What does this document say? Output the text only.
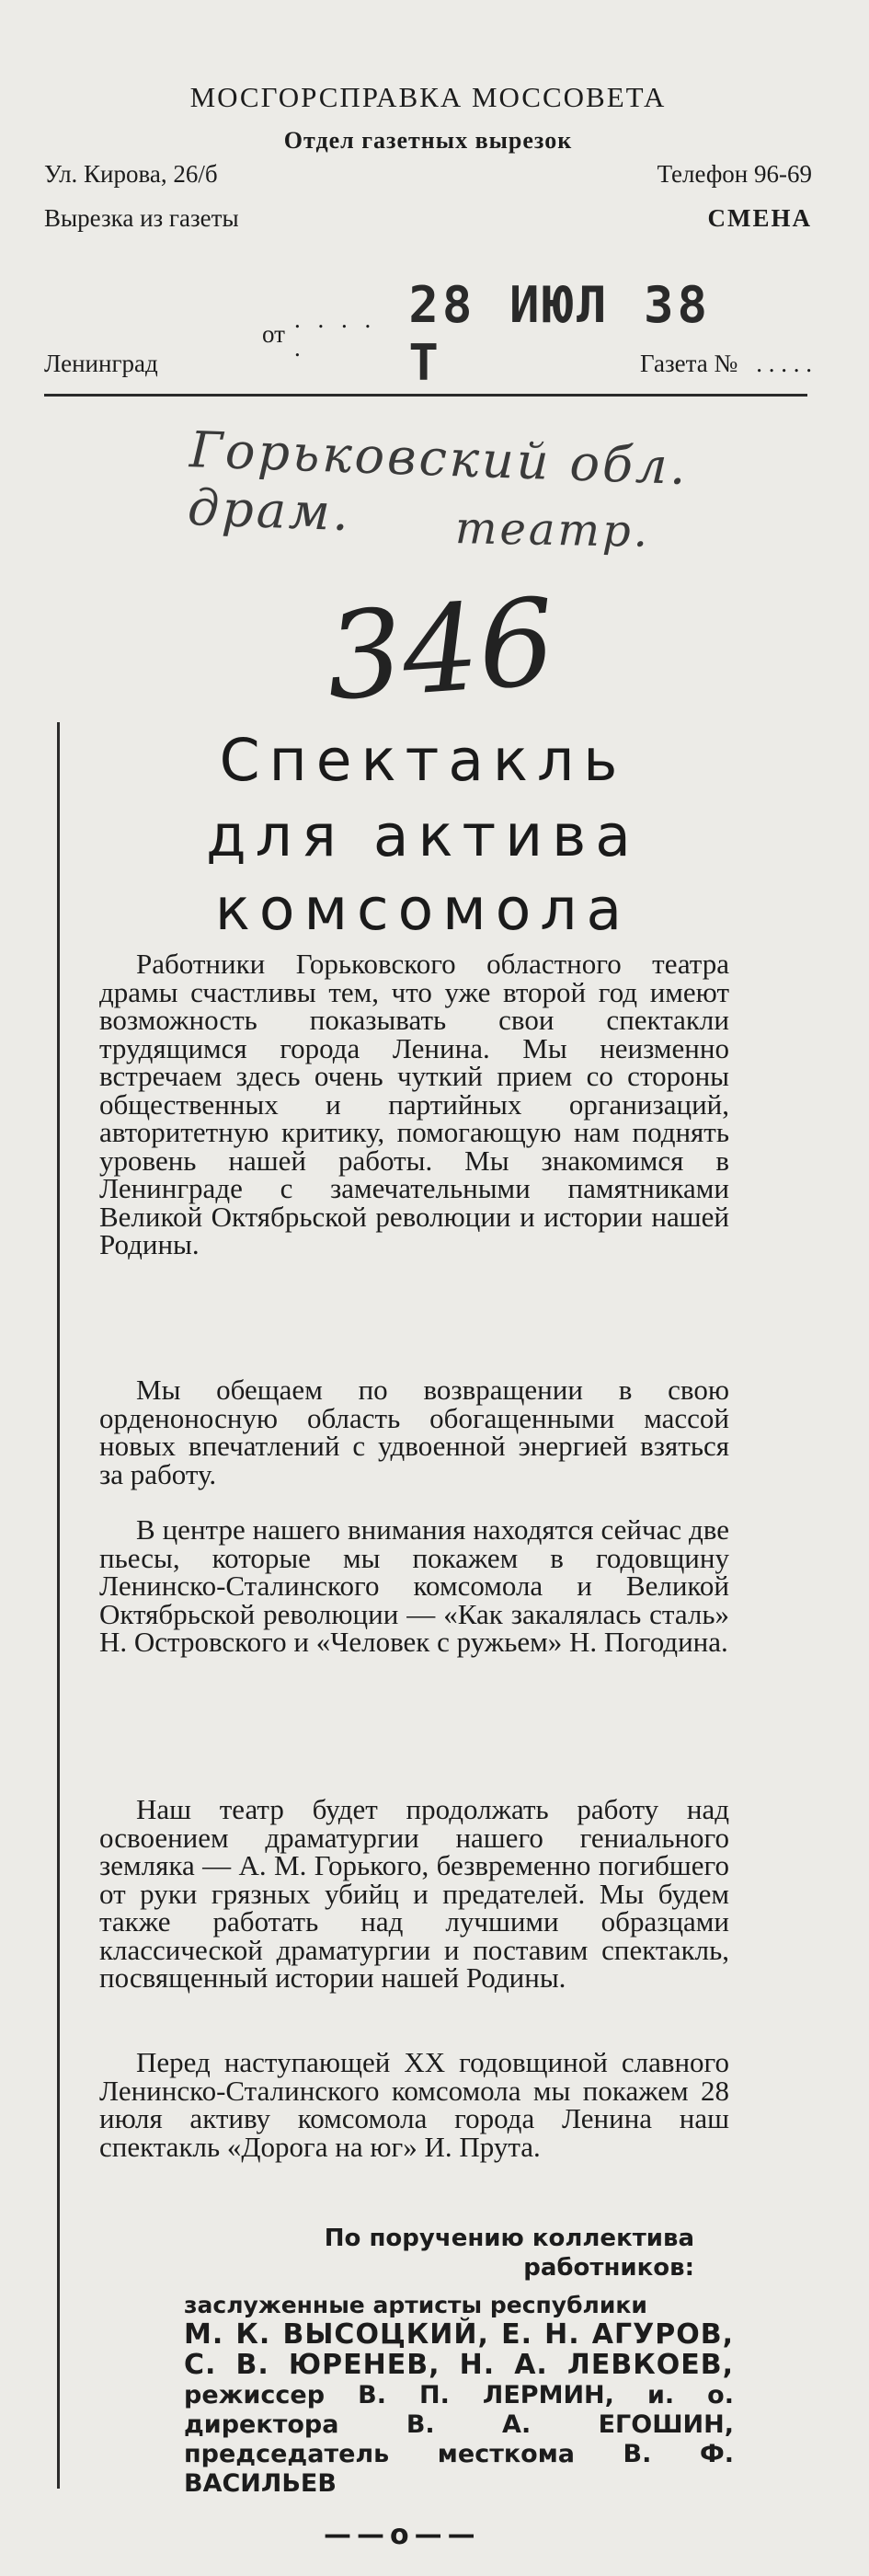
МОСГОРСПРАВКА МОССОВЕТА
Отдел газетных вырезок
Ул. Кирова, 26/б	Телефон 96-69
Вырезка из газеты	СМЕНА
от
. . . . .
28 ИЮЛ 38 Т
Ленинград	Газета № . . . . .
Горьковский обл. драм.	театр.
346
Спектакль
для актива
комсомола
Работники Горьковского областного театра драмы счастливы тем, что уже второй год имеют возможность показывать свои спектакли трудящимся города Ленина. Мы неизменно встречаем здесь очень чуткий прием со стороны общественных и партийных организаций, авторитетную критику, помогающую нам поднять уровень нашей работы. Мы знакомимся в Ленинграде с замечательными памятниками Великой Октябрьской революции и истории нашей Родины.
Мы обещаем по возвращении в свою орденоносную область обогащенными массой новых впечатлений с удвоенной энергией взяться за работу.
В центре нашего внимания находятся сейчас две пьесы, которые мы покажем в годовщину Ленинско-Сталинского комсомола и Великой Октябрьской революции — «Как закалялась сталь» Н. Островского и «Человек с ружьем» Н. Погодина.
Наш театр будет продолжать работу над освоением драматургии нашего гениального земляка — А. М. Горького, безвременно погибшего от руки грязных убийц и предателей. Мы будем также работать над лучшими образцами классической драматургии и поставим спектакль, посвященный истории нашей Родины.
Перед наступающей XX годовщиной славного Ленинско-Сталинского комсомола мы покажем 28 июля активу комсомола города Ленина наш спектакль «Дорога на юг» И. Прута.
По поручению коллектива
работников:
заслуженные артисты республики
М. К. ВЫСОЦКИЙ, Е. Н. АГУРОВ, С. В. ЮРЕНЕВ, Н. А. ЛЕВКОЕВ, режиссер В. П. ЛЕРМИН, и. о. директора В. А. ЕГОШИН, председатель месткома В. Ф. ВАСИЛЬЕВ
——о——
